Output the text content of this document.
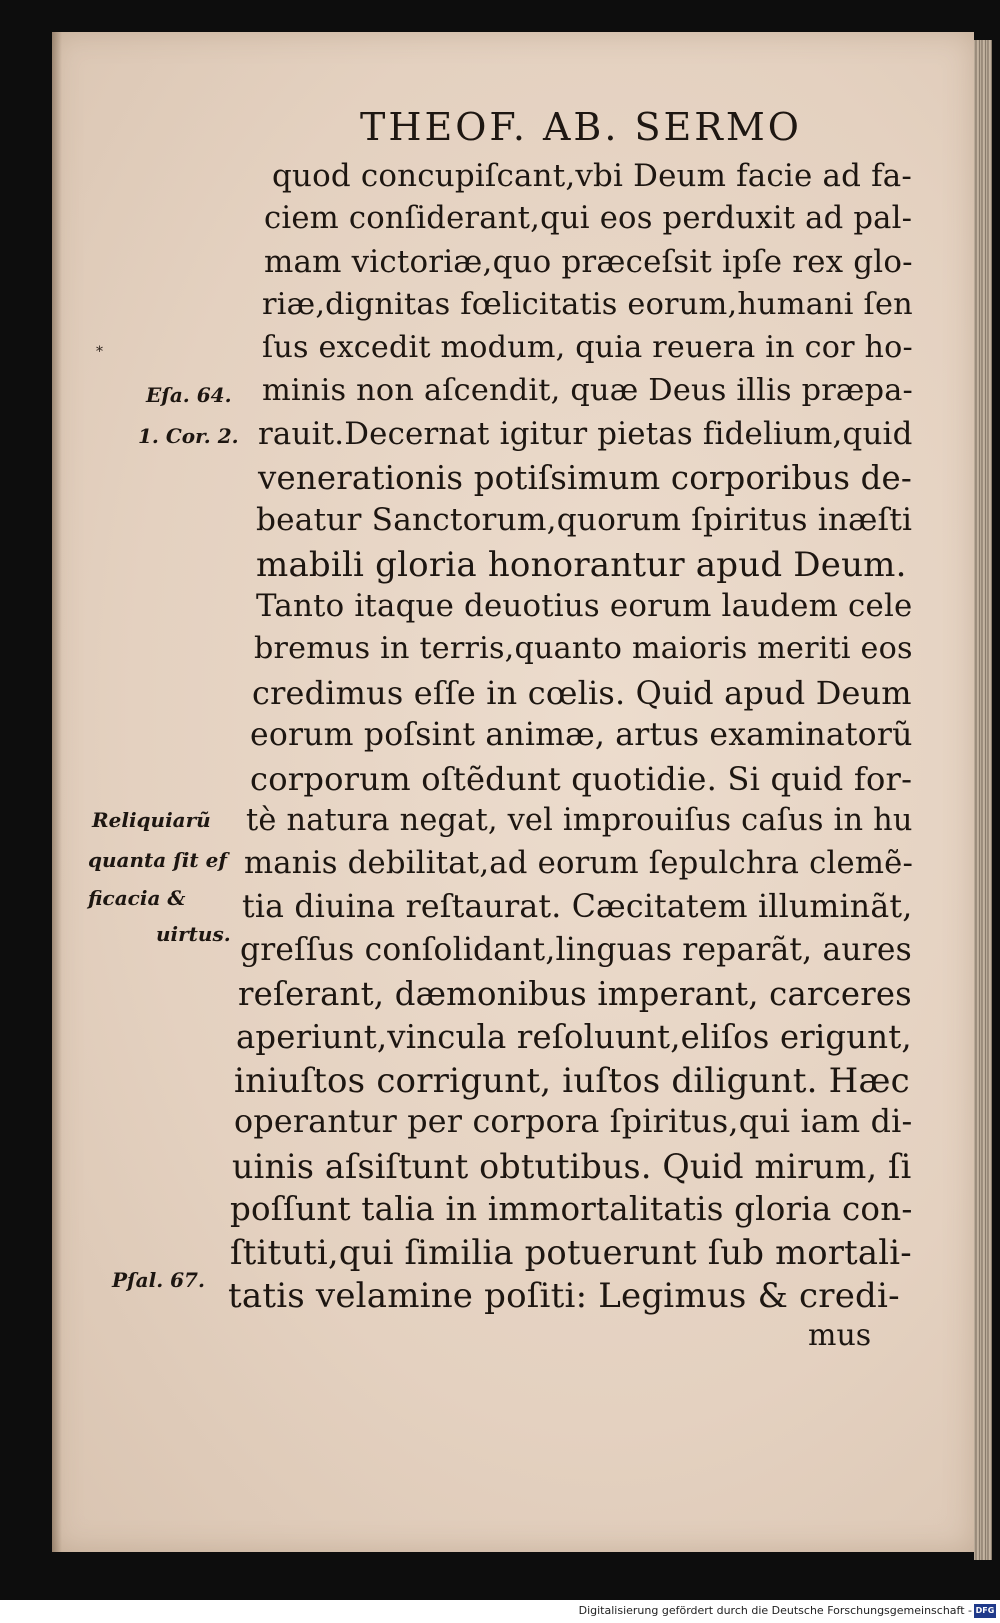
THEOF. AB. SERMO
quod concupiſcant,vbi Deum facie ad fa-
ciem conſiderant,qui eos perduxit ad pal-
mam victoriæ,quo præceſsit ipſe rex glo-
riæ,dignitas fœlicitatis eorum,humani ſen
ſus excedit modum, quia reuera in cor ho-
minis non aſcendit, quæ Deus illis præpa-
rauit.Decernat igitur pietas fidelium,quid
venerationis potiſsimum corporibus de-
beatur Sanctorum,quorum ſpiritus inæſti
mabili gloria honorantur apud Deum.
Tanto itaque deuotius eorum laudem cele
bremus in terris,quanto maioris meriti eos
credimus eſſe in cœlis. Quid apud Deum
eorum poſsint animæ, artus examinatorũ
corporum oſtẽdunt quotidie. Si quid for-
tè natura negat, vel improuiſus caſus in hu
manis debilitat,ad eorum ſepulchra clemẽ-
tia diuina reſtaurat. Cæcitatem illuminãt,
greſſus conſolidant,linguas reparãt, aures
reſerant, dæmonibus imperant, carceres
aperiunt,vincula reſoluunt,eliſos erigunt,
iniuſtos corrigunt, iuſtos diligunt. Hæc
operantur per corpora ſpiritus,qui iam di-
uinis aſsiſtunt obtutibus. Quid mirum, ſi
poſſunt talia in immortalitatis gloria con-
ſtituti,qui ſimilia potuerunt ſub mortali-
tatis velamine poſiti: Legimus & credi-
mus
*
Eſa. 64.
1. Cor. 2.
Reliquiarũ
quanta ſit ef
ficacia &
uirtus.
Pſal. 67.
Digitalisierung gefördert durch die Deutsche Forschungsgemeinschaft - DFG
